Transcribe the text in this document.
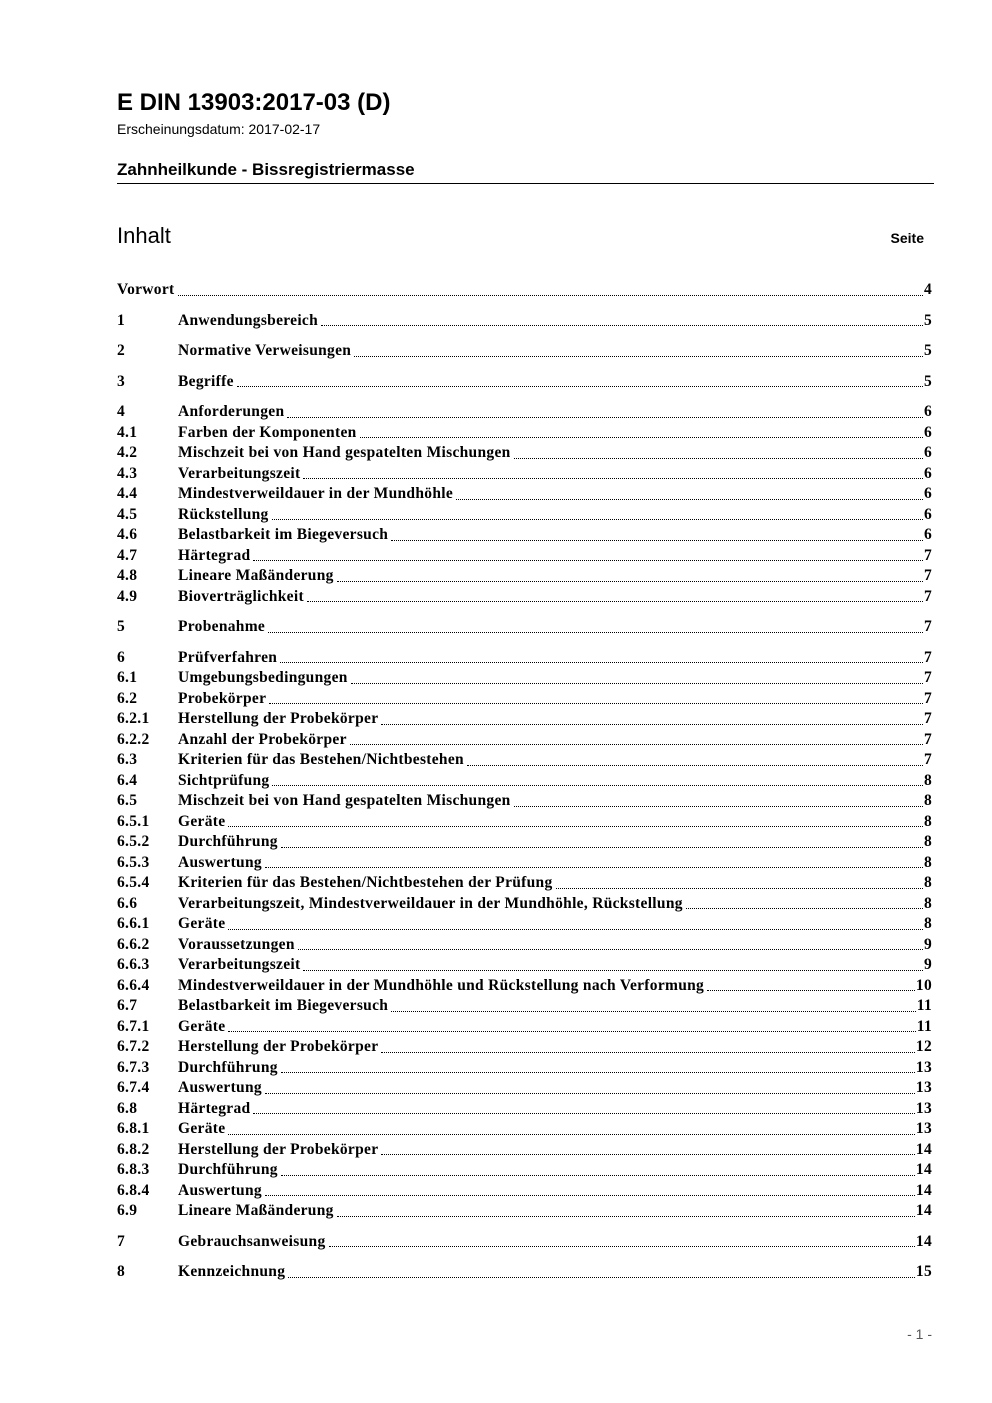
E DIN 13903:2017-03 (D)
Erscheinungsdatum: 2017-02-17
Zahnheilkunde - Bissregistriermasse
Inhalt	Seite
Vorwort	4
1	Anwendungsbereich	5
2	Normative Verweisungen	5
3	Begriffe	5
4	Anforderungen	6
4.1	Farben der Komponenten	6
4.2	Mischzeit bei von Hand gespatelten Mischungen	6
4.3	Verarbeitungszeit	6
4.4	Mindestverweildauer in der Mundhöhle	6
4.5	Rückstellung	6
4.6	Belastbarkeit im Biegeversuch	6
4.7	Härtegrad	7
4.8	Lineare Maßänderung	7
4.9	Bioverträglichkeit	7
5	Probenahme	7
6	Prüfverfahren	7
6.1	Umgebungsbedingungen	7
6.2	Probekörper	7
6.2.1	Herstellung der Probekörper	7
6.2.2	Anzahl der Probekörper	7
6.3	Kriterien für das Bestehen/Nichtbestehen	7
6.4	Sichtprüfung	8
6.5	Mischzeit bei von Hand gespatelten Mischungen	8
6.5.1	Geräte	8
6.5.2	Durchführung	8
6.5.3	Auswertung	8
6.5.4	Kriterien für das Bestehen/Nichtbestehen der Prüfung	8
6.6	Verarbeitungszeit, Mindestverweildauer in der Mundhöhle, Rückstellung	8
6.6.1	Geräte	8
6.6.2	Voraussetzungen	9
6.6.3	Verarbeitungszeit	9
6.6.4	Mindestverweildauer in der Mundhöhle und Rückstellung nach Verformung	10
6.7	Belastbarkeit im Biegeversuch	11
6.7.1	Geräte	11
6.7.2	Herstellung der Probekörper	12
6.7.3	Durchführung	13
6.7.4	Auswertung	13
6.8	Härtegrad	13
6.8.1	Geräte	13
6.8.2	Herstellung der Probekörper	14
6.8.3	Durchführung	14
6.8.4	Auswertung	14
6.9	Lineare Maßänderung	14
7	Gebrauchsanweisung	14
8	Kennzeichnung	15
- 1 -
